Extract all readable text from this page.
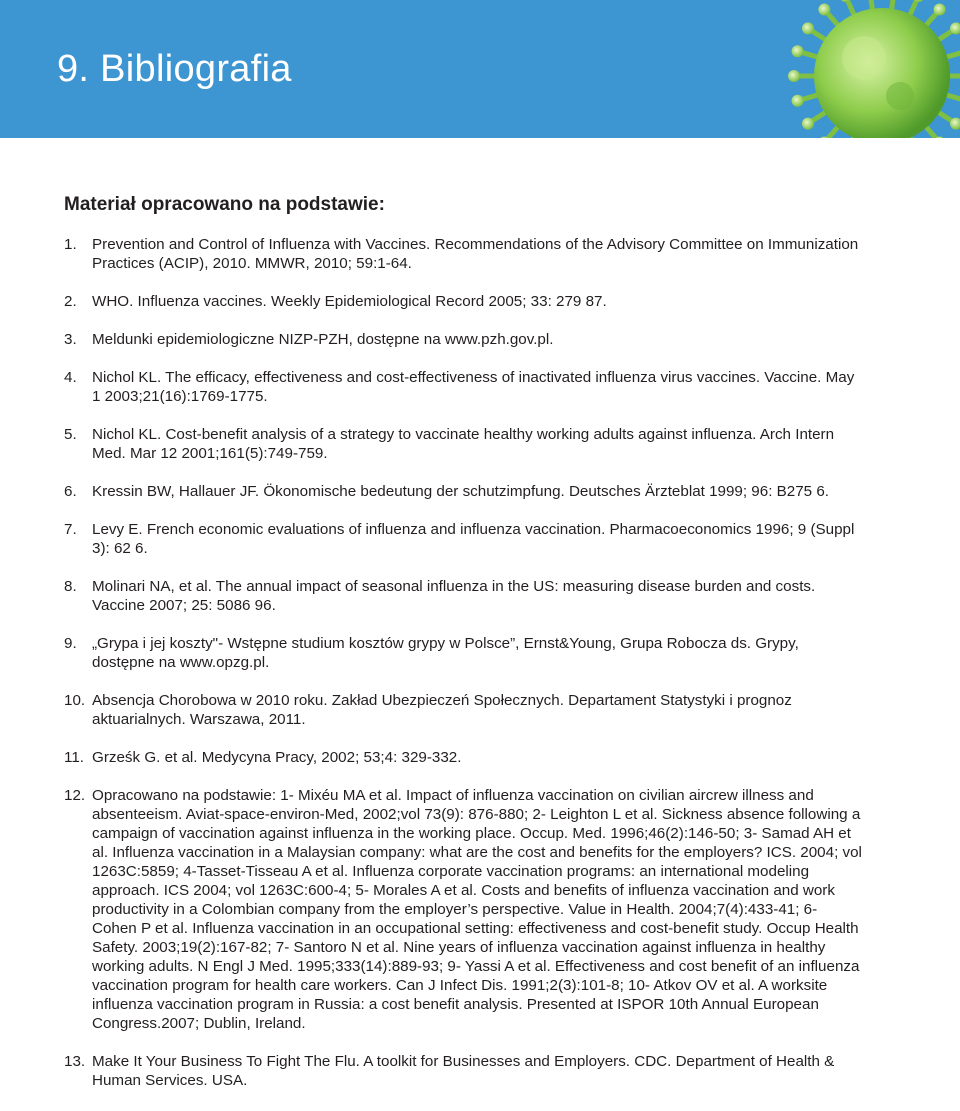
9. Bibliografia
Materiał opracowano na podstawie:
1. Prevention and Control of Influenza with Vaccines. Recommendations of the Advisory Committee on Immunization Practices (ACIP), 2010. MMWR, 2010; 59:1-64.
2. WHO. Influenza vaccines. Weekly Epidemiological Record 2005; 33: 279 87.
3. Meldunki epidemiologiczne NIZP-PZH, dostępne na www.pzh.gov.pl.
4. Nichol KL. The efficacy, effectiveness and cost-effectiveness of inactivated influenza virus vaccines. Vaccine. May 1 2003;21(16):1769-1775.
5. Nichol KL. Cost-benefit analysis of a strategy to vaccinate healthy working adults against influenza. Arch Intern Med. Mar 12 2001;161(5):749-759.
6. Kressin BW, Hallauer JF. Ökonomische bedeutung der schutzimpfung. Deutsches Ärzteblat 1999; 96: B275 6.
7. Levy E. French economic evaluations of influenza and influenza vaccination. Pharmacoeconomics 1996; 9 (Suppl 3): 62 6.
8. Molinari NA, et al. The annual impact of seasonal influenza in the US: measuring disease burden and costs. Vaccine 2007; 25: 5086 96.
9. „Grypa i jej koszty"- Wstępne studium kosztów grypy w Polsce”, Ernst&Young, Grupa Robocza ds. Grypy, dostępne na www.opzg.pl.
10. Absencja Chorobowa w 2010 roku. Zakład Ubezpieczeń Społecznych. Departament Statystyki i prognoz aktuarialnych. Warszawa, 2011.
11. Grześk G. et al. Medycyna Pracy, 2002; 53;4: 329-332.
12. Opracowano na podstawie: 1- Mixéu MA et al. Impact of influenza vaccination on civilian aircrew illness and absenteeism. Aviat-space-environ-Med, 2002;vol 73(9): 876-880; 2- Leighton L et al. Sickness absence following a campaign of vaccination against influenza in the working place. Occup. Med. 1996;46(2):146-50; 3- Samad AH et al. Influenza vaccination in a Malaysian company: what are the cost and benefits for the employers? ICS. 2004; vol 1263C:5859; 4-Tasset-Tisseau A et al. Influenza corporate vaccination programs: an international modeling approach. ICS 2004; vol 1263C:600-4; 5- Morales A et al. Costs and benefits of influenza vaccination and work productivity in a Colombian company from the employer’s perspective. Value in Health. 2004;7(4):433-41; 6- Cohen P et al. Influenza vaccination in an occupational setting: effectiveness and cost-benefit study. Occup Health Safety. 2003;19(2):167-82; 7- Santoro N et al. Nine years of influenza vaccination against influenza in healthy working adults. N Engl J Med. 1995;333(14):889-93; 9- Yassi A et al. Effectiveness and cost benefit of an influenza vaccination program for health care workers. Can J Infect Dis. 1991;2(3):101-8; 10- Atkov OV et al. A worksite influenza vaccination program in Russia: a cost benefit analysis. Presented at ISPOR 10th Annual European Congress.2007; Dublin, Ireland.
13. Make It Your Business To Fight The Flu. A toolkit for Businesses and Employers. CDC. Department of Health & Human Services. USA.
